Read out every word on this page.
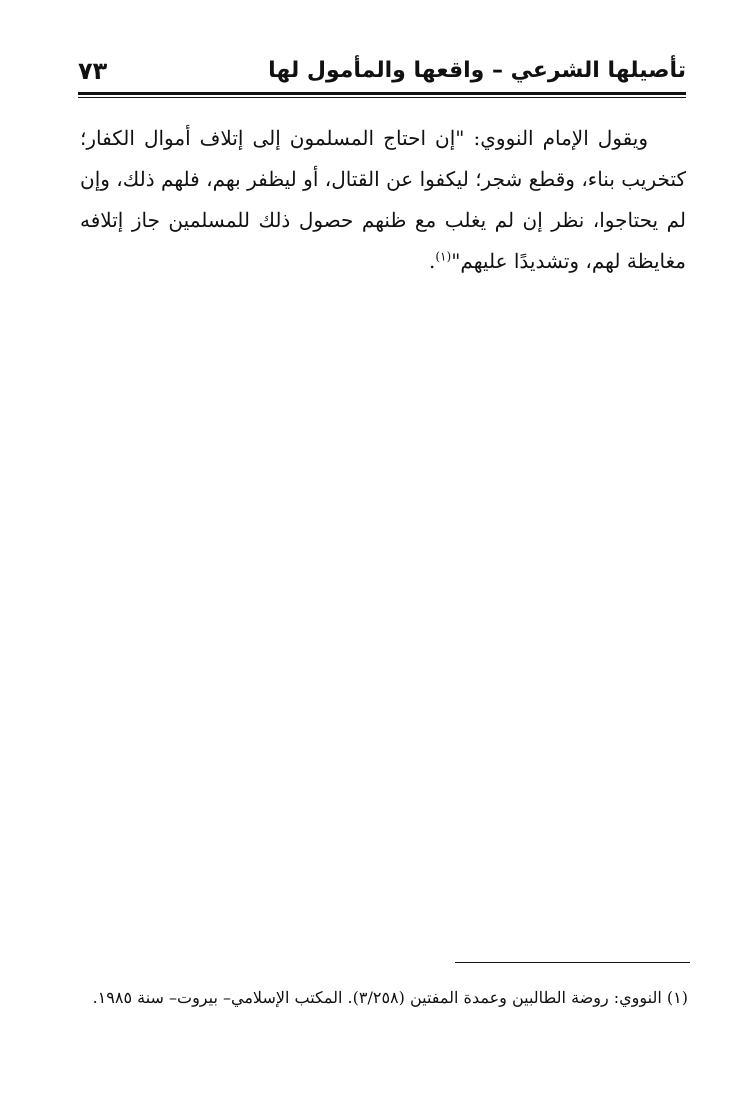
تأصيلها الشرعي – واقعها والمأمول لها
٧٣

ويقول الإمام النووي: "إن احتاج المسلمون إلى إتلاف أموال الكفار؛ كتخريب بناء، وقطع شجر؛ ليكفوا عن القتال، أو ليظفر بهم، فلهم ذلك، وإن لم يحتاجوا، نظر إن لم يغلب مع ظنهم حصول ذلك للمسلمين جاز إتلافه مغايظة لهم، وتشديدًا عليهم"$^{(١)}$.

(١) النووي: روضة الطالبين وعمدة المفتين (٣/٢٥٨). المكتب الإسلامي– بيروت– سنة ١٩٨٥.
